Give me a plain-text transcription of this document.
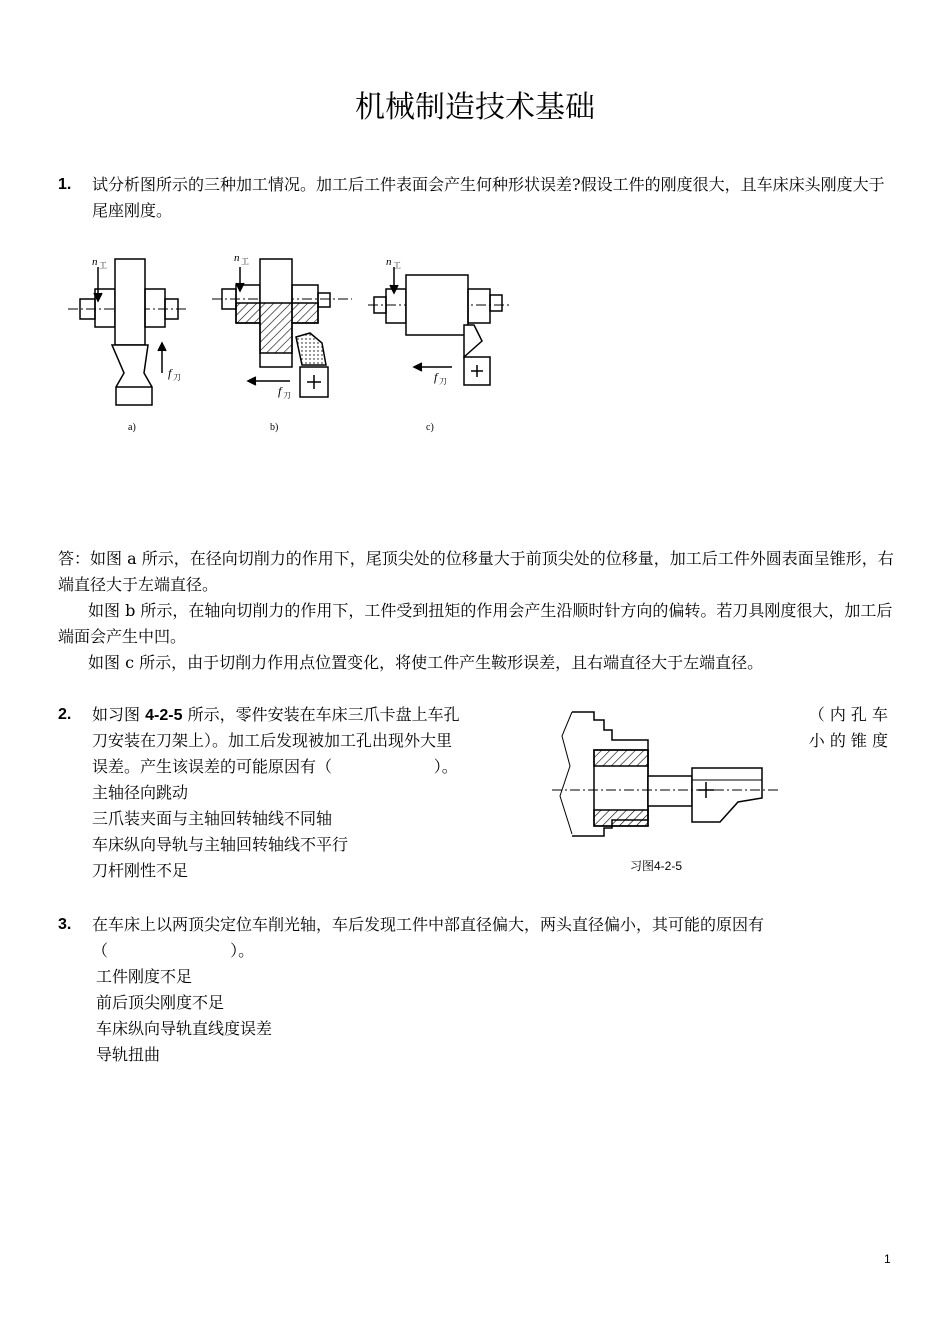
机械制造技术基础
1. 试分析图所示的三种加工情况。加工后工件表面会产生何种形状误差?假设工件的刚度很大，且车床床头刚度大于尾座刚度。
n 工
f 刀
n 工
f 刀
n 工
f 刀
a)	b)	c)
答：如图 a 所示，在径向切削力的作用下，尾顶尖处的位移量大于前顶尖处的位移量，加工后工件外圆表面呈锥形，右端直径大于左端直径。
如图 b 所示，在轴向切削力的作用下，工件受到扭矩的作用会产生沿顺时针方向的偏转。若刀具刚度很大，加工后端面会产生中凹。
如图 c 所示，由于切削力作用点位置变化，将使工件产生鞍形误差，且右端直径大于左端直径。
2. 如习图 4-2-5 所示，零件安装在车床三爪卡盘上车孔	（ 内 孔 车
刀安装在刀架上）。加工后发现被加工孔出现外大里	小 的 锥 度
误差。产生该误差的可能原因有（                    ）。
主轴径向跳动
三爪装夹面与主轴回转轴线不同轴
车床纵向导轨与主轴回转轴线不平行
刀杆刚性不足	习图4-2-5
3. 在车床上以两顶尖定位车削光轴，车后发现工件中部直径偏大，两头直径偏小，其可能的原因有
（                        ）。
工件刚度不足
前后顶尖刚度不足
车床纵向导轨直线度误差
导轨扭曲
1
